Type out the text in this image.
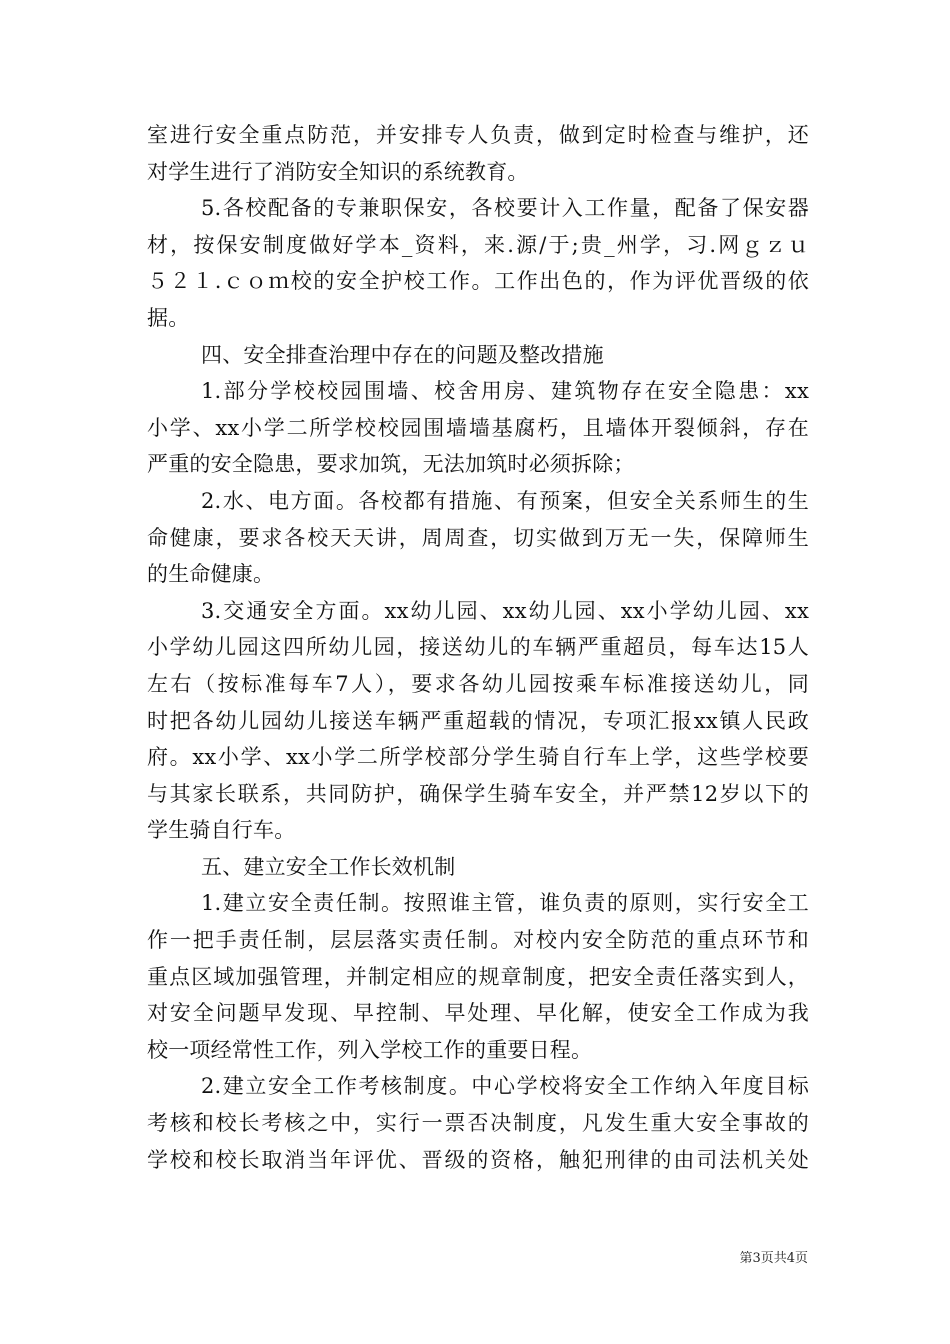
室进行安全重点防范，并安排专人负责，做到定时检查与维护，还
对学生进行了消防安全知识的系统教育。
5.各校配备的专兼职保安，各校要计入工作量，配备了保安器
材，按保安制度做好学本_资料，来.源/于;贵_州学，习.网ｇｚｕ
５２１.ｃｏｍ校的安全护校工作。工作出色的，作为评优晋级的依
据。
四、安全排查治理中存在的问题及整改措施
1.部分学校校园围墙、校舍用房、建筑物存在安全隐患：xx
小学、xx小学二所学校校园围墙墙基腐朽，且墙体开裂倾斜，存在
严重的安全隐患，要求加筑，无法加筑时必须拆除；
2.水、电方面。各校都有措施、有预案，但安全关系师生的生
命健康，要求各校天天讲，周周查，切实做到万无一失，保障师生
的生命健康。
3.交通安全方面。xx幼儿园、xx幼儿园、xx小学幼儿园、xx
小学幼儿园这四所幼儿园，接送幼儿的车辆严重超员，每车达15人
左右（按标准每车7人），要求各幼儿园按乘车标准接送幼儿，同
时把各幼儿园幼儿接送车辆严重超载的情况，专项汇报xx镇人民政
府。xx小学、xx小学二所学校部分学生骑自行车上学，这些学校要
与其家长联系，共同防护，确保学生骑车安全，并严禁12岁以下的
学生骑自行车。
五、建立安全工作长效机制
1.建立安全责任制。按照谁主管，谁负责的原则，实行安全工
作一把手责任制，层层落实责任制。对校内安全防范的重点环节和
重点区域加强管理，并制定相应的规章制度，把安全责任落实到人，
对安全问题早发现、早控制、早处理、早化解，使安全工作成为我
校一项经常性工作，列入学校工作的重要日程。
2.建立安全工作考核制度。中心学校将安全工作纳入年度目标
考核和校长考核之中，实行一票否决制度，凡发生重大安全事故的
学校和校长取消当年评优、晋级的资格，触犯刑律的由司法机关处
第3页共4页
